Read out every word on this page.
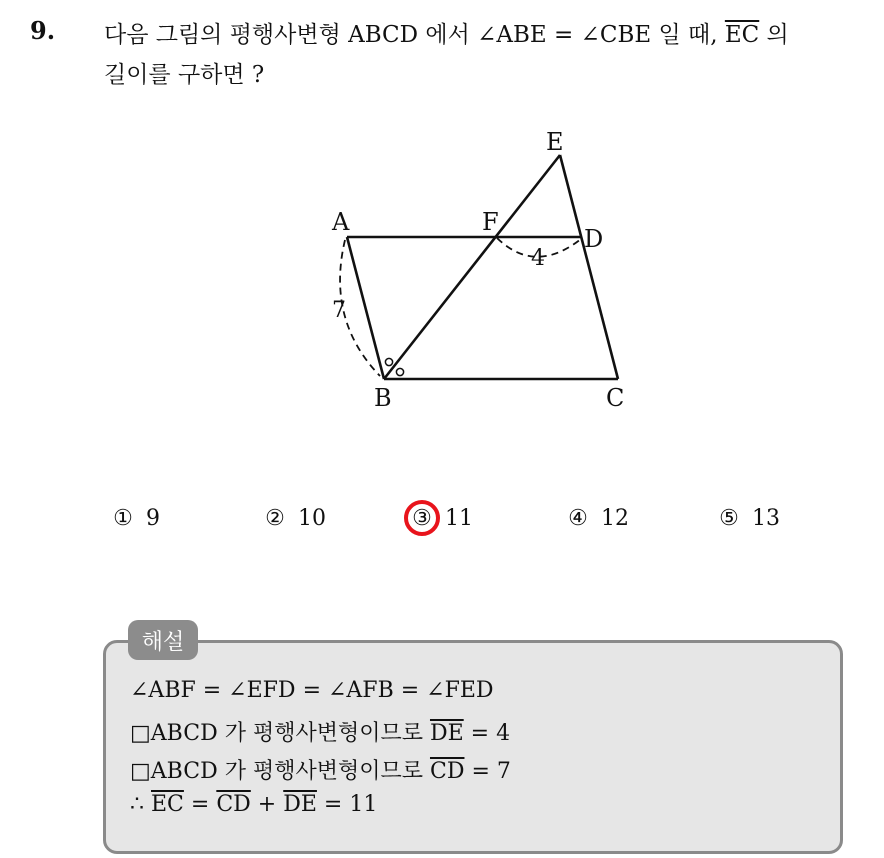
9. 다음 그림의 평행사변형 ABCD 에서 ∠ABE = ∠CBE 일 때, $\overline{EC}$ 의
길이를 구하면 ?
A
B	C
D
E
F
7
4
① 9	② 10	③ 11	④ 12	⑤ 13
해설
∠ABF = ∠EFD = ∠AFB = ∠FED
□ABCD 가 평행사변형이므로 $\overline{DE} = 4$
□ABCD 가 평행사변형이므로 $\overline{CD} = 7$
∴ $\overline{EC} = \overline{CD} + \overline{DE} = 11$
